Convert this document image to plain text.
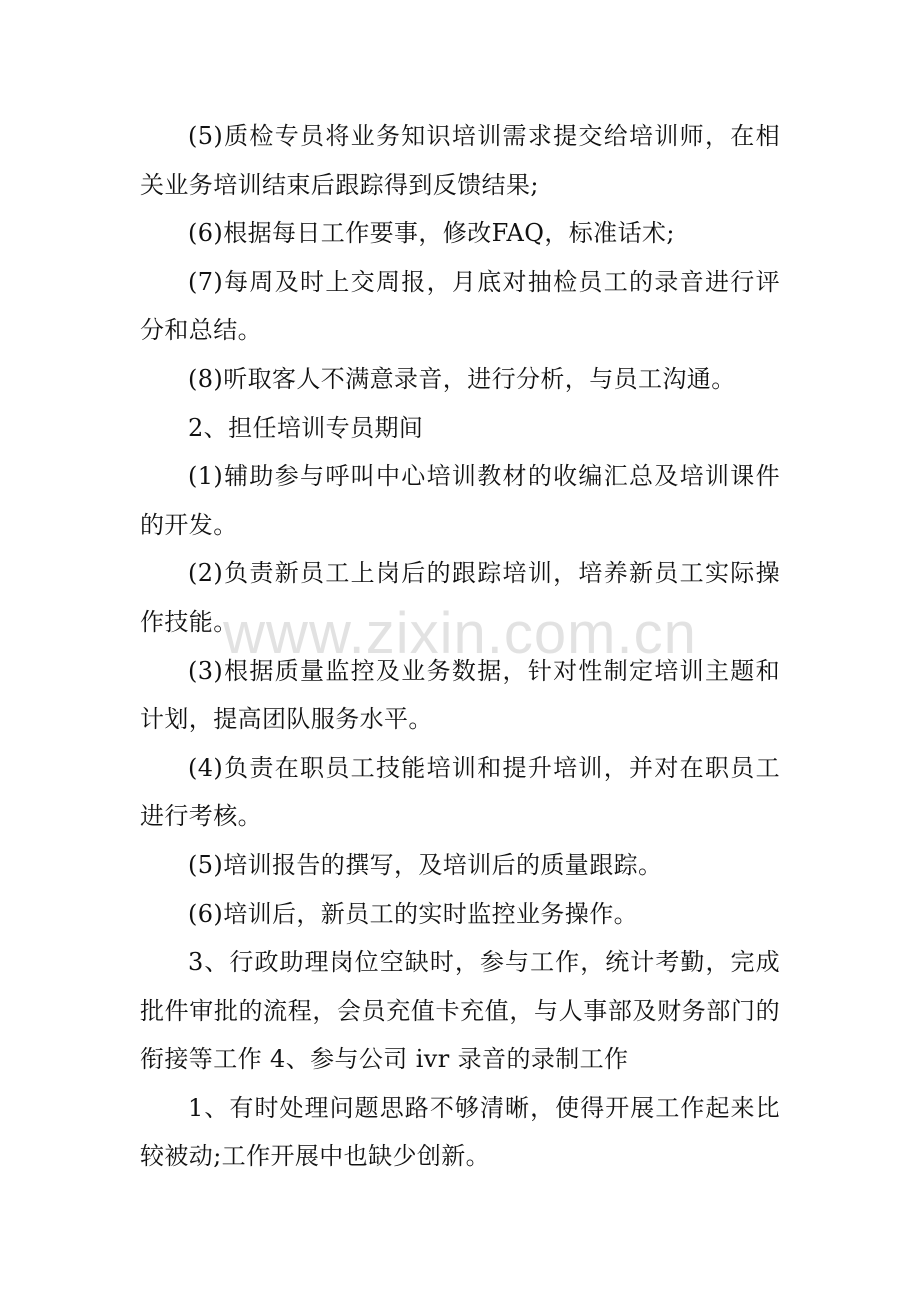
(5)质检专员将业务知识培训需求提交给培训师，在相关业务培训结束后跟踪得到反馈结果;

(6)根据每日工作要事，修改FAQ，标准话术;

(7)每周及时上交周报，月底对抽检员工的录音进行评分和总结。

(8)听取客人不满意录音，进行分析，与员工沟通。

2、担任培训专员期间

(1)辅助参与呼叫中心培训教材的收编汇总及培训课件的开发。

(2)负责新员工上岗后的跟踪培训，培养新员工实际操作技能。

(3)根据质量监控及业务数据，针对性制定培训主题和计划，提高团队服务水平。

(4)负责在职员工技能培训和提升培训，并对在职员工进行考核。

(5)培训报告的撰写，及培训后的质量跟踪。

(6)培训后，新员工的实时监控业务操作。

3、行政助理岗位空缺时，参与工作，统计考勤，完成批件审批的流程，会员充值卡充值，与人事部及财务部门的衔接等工作 4、参与公司 ivr 录音的录制工作

1、有时处理问题思路不够清晰，使得开展工作起来比较被动;工作开展中也缺少创新。

www.zixin.com.cn
